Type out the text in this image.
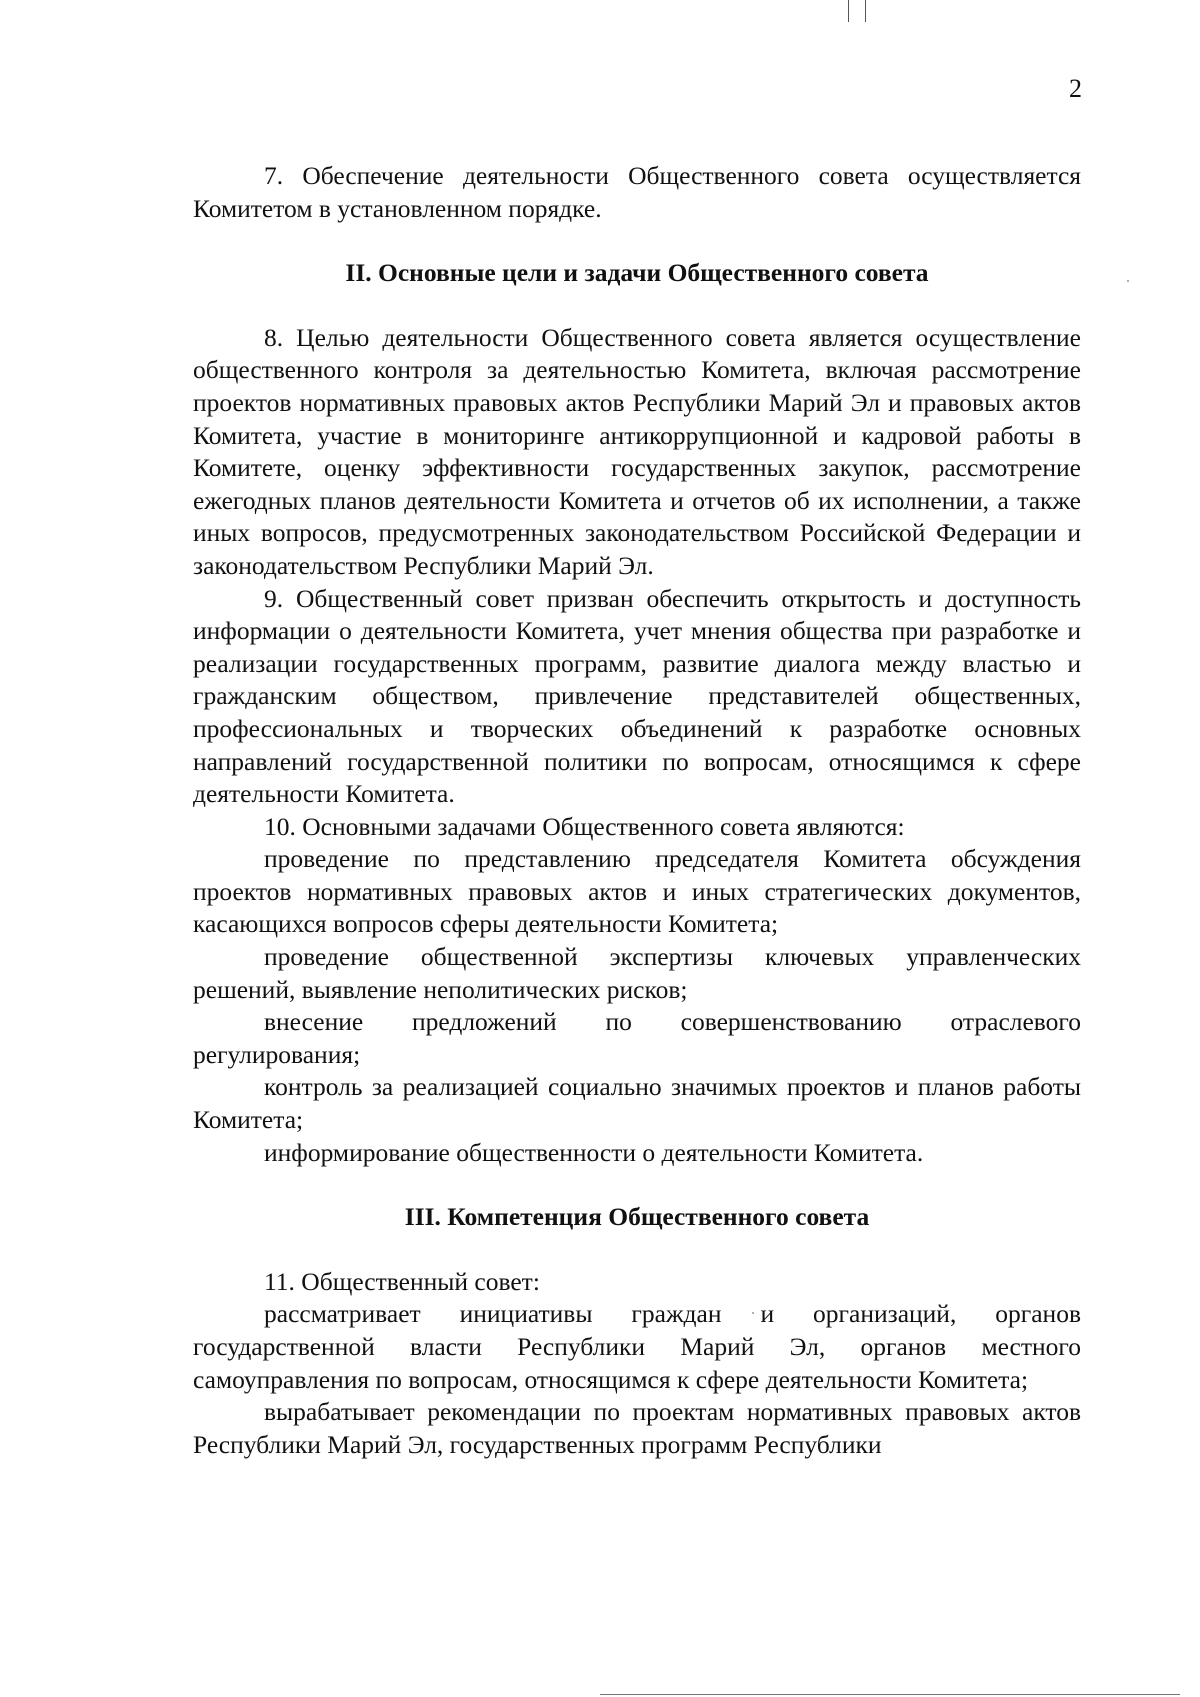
2

7. Обеспечение деятельности Общественного совета осуществляется Комитетом в установленном порядке.

II. Основные цели и задачи Общественного совета

8. Целью деятельности Общественного совета является осуществление общественного контроля за деятельностью Комитета, включая рассмотрение проектов нормативных правовых актов Республики Марий Эл и правовых актов Комитета, участие в мониторинге антикоррупционной и кадровой работы в Комитете, оценку эффективности государственных закупок, рассмотрение ежегодных планов деятельности Комитета и отчетов об их исполнении, а также иных вопросов, предусмотренных законодательством Российской Федерации и законодательством Республики Марий Эл.

9. Общественный совет призван обеспечить открытость и доступность информации о деятельности Комитета, учет мнения общества при разработке и реализации государственных программ, развитие диалога между властью и гражданским обществом, привлечение представителей общественных, профессиональных и творческих объединений к разработке основных направлений государственной политики по вопросам, относящимся к сфере деятельности Комитета.

10. Основными задачами Общественного совета являются:

проведение по представлению председателя Комитета обсуждения проектов нормативных правовых актов и иных стратегических документов, касающихся вопросов сферы деятельности Комитета;

проведение общественной экспертизы ключевых управленческих решений, выявление неполитических рисков;

внесение предложений по совершенствованию отраслевого регулирования;

контроль за реализацией социально значимых проектов и планов работы Комитета;

информирование общественности о деятельности Комитета.

III. Компетенция Общественного совета

11. Общественный совет:

рассматривает инициативы граждан и организаций, органов государственной власти Республики Марий Эл, органов местного самоуправления по вопросам, относящимся к сфере деятельности Комитета;

вырабатывает рекомендации по проектам нормативных правовых актов Республики Марий Эл, государственных программ Республики
